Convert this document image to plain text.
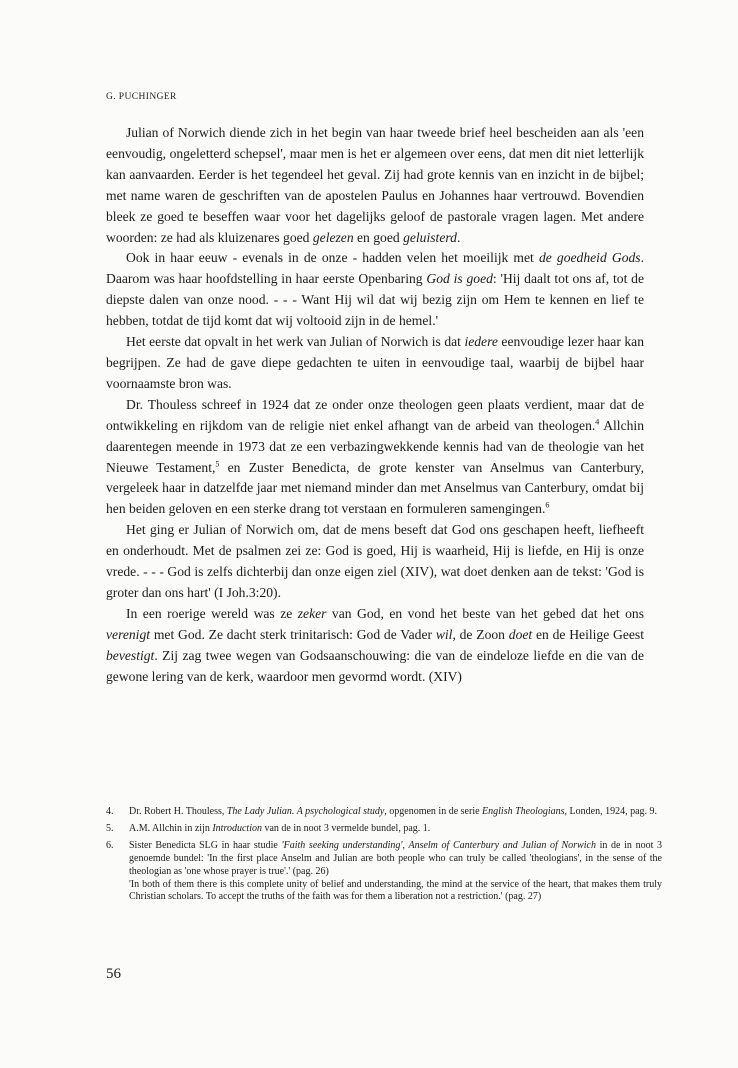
G. PUCHINGER

Julian of Norwich diende zich in het begin van haar tweede brief heel bescheiden aan als 'een eenvoudig, ongeletterd schepsel', maar men is het er algemeen over eens, dat men dit niet letterlijk kan aanvaarden. Eerder is het tegendeel het geval. Zij had grote kennis van en inzicht in de bijbel; met name waren de geschriften van de apostelen Paulus en Johannes haar vertrouwd. Bovendien bleek ze goed te beseffen waar voor het dagelijks geloof de pastorale vragen lagen. Met andere woorden: ze had als kluizenares goed gelezen en goed geluisterd.

Ook in haar eeuw - evenals in de onze - hadden velen het moeilijk met de goedheid Gods. Daarom was haar hoofdstelling in haar eerste Openbaring God is goed: 'Hij daalt tot ons af, tot de diepste dalen van onze nood. - - - Want Hij wil dat wij bezig zijn om Hem te kennen en lief te hebben, totdat de tijd komt dat wij voltooid zijn in de hemel.'

Het eerste dat opvalt in het werk van Julian of Norwich is dat iedere eenvoudige lezer haar kan begrijpen. Ze had de gave diepe gedachten te uiten in eenvoudige taal, waarbij de bijbel haar voornaamste bron was.

Dr. Thouless schreef in 1924 dat ze onder onze theologen geen plaats verdient, maar dat de ontwikkeling en rijkdom van de religie niet enkel afhangt van de arbeid van theologen.$^4$ Allchin daarentegen meende in 1973 dat ze een verbazingwekkende kennis had van de theologie van het Nieuwe Testament,$^5$ en Zuster Benedicta, de grote kenster van Anselmus van Canterbury, vergeleek haar in datzelfde jaar met niemand minder dan met Anselmus van Canterbury, omdat bij hen beiden geloven en een sterke drang tot verstaan en formuleren samengingen.$^6$

Het ging er Julian of Norwich om, dat de mens beseft dat God ons geschapen heeft, liefheeft en onderhoudt. Met de psalmen zei ze: God is goed, Hij is waarheid, Hij is liefde, en Hij is onze vrede. - - - God is zelfs dichterbij dan onze eigen ziel (XIV), wat doet denken aan de tekst: 'God is groter dan ons hart' (I Joh.3:20).

In een roerige wereld was ze zeker van God, en vond het beste van het gebed dat het ons verenigt met God. Ze dacht sterk trinitarisch: God de Vader wil, de Zoon doet en de Heilige Geest bevestigt. Zij zag twee wegen van Godsaanschouwing: die van de eindeloze liefde en die van de gewone lering van de kerk, waardoor men gevormd wordt. (XIV)

4.	Dr. Robert H. Thouless, The Lady Julian. A psychological study, opgenomen in de serie English Theologians, Londen, 1924, pag. 9.
5.	A.M. Allchin in zijn Introduction van de in noot 3 vermelde bundel, pag. 1.
6.	Sister Benedicta SLG in haar studie 'Faith seeking understanding', Anselm of Canterbury and Julian of Norwich in de in noot 3 genoemde bundel: 'In the first place Anselm and Julian are both people who can truly be called 'theologians', in the sense of the theologian as 'one whose prayer is true'.' (pag. 26)
'In both of them there is this complete unity of belief and understanding, the mind at the service of the heart, that makes them truly Christian scholars. To accept the truths of the faith was for them a liberation not a restriction.' (pag. 27)
56
